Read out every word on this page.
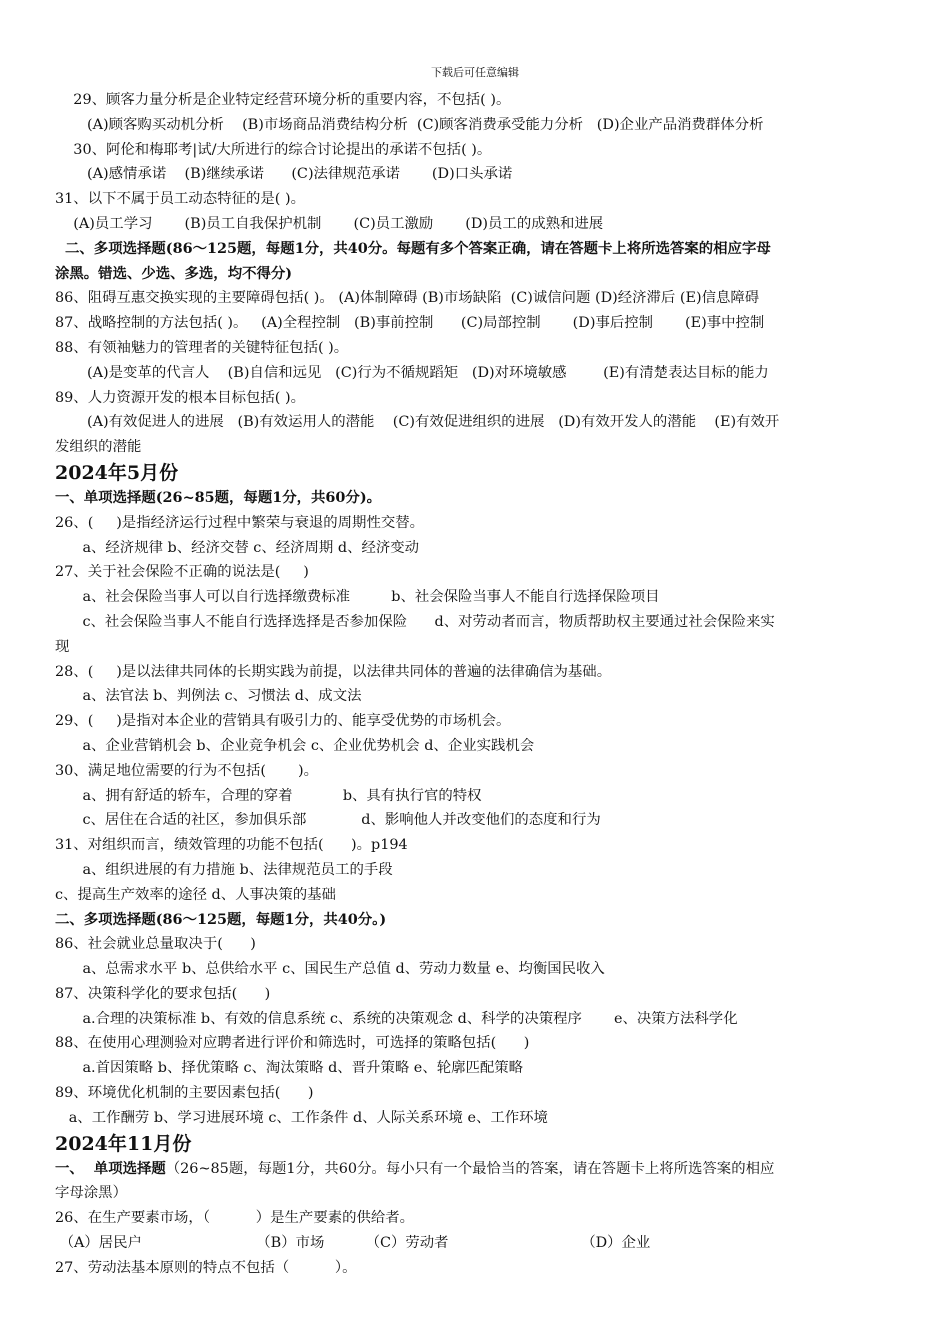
下载后可任意编辑
29、顾客力量分析是企业特定经营环境分析的重要内容，不包括( )。
(A)顾客购买动机分析    (B)市场商品消费结构分析  (C)顾客消费承受能力分析   (D)企业产品消费群体分析
30、阿伦和梅耶考|试/大所进行的综合讨论提出的承诺不包括( )。
(A)感情承诺    (B)继续承诺      (C)法律规范承诺       (D)口头承诺
31、以下不属于员工动态特征的是( )。
(A)员工学习       (B)员工自我保护机制       (C)员工激励       (D)员工的成熟和进展
二、多项选择题(86～125题，每题1分，共40分。每题有多个答案正确，请在答题卡上将所选答案的相应字母
涂黑。错选、少选、多选，均不得分)
86、阻碍互惠交换实现的主要障碍包括( )。 (A)体制障碍 (B)市场缺陷  (C)诚信问题 (D)经济滞后 (E)信息障碍
87、战略控制的方法包括( )。   (A)全程控制   (B)事前控制      (C)局部控制       (D)事后控制       (E)事中控制
88、有领袖魅力的管理者的关键特征包括( )。
(A)是变革的代言人    (B)自信和远见   (C)行为不循规蹈矩   (D)对环境敏感        (E)有清楚表达目标的能力
89、人力资源开发的根本目标包括( )。
(A)有效促进人的进展   (B)有效运用人的潜能    (C)有效促进组织的进展   (D)有效开发人的潜能    (E)有效开
发组织的潜能
2024年5月份
一、单项选择题(26~85题，每题1分，共60分)。
26、(     )是指经济运行过程中繁荣与衰退的周期性交替。
a、经济规律 b、经济交替 c、经济周期 d、经济变动
27、关于社会保险不正确的说法是(     )
a、社会保险当事人可以自行选择缴费标准         b、社会保险当事人不能自行选择保险项目
c、社会保险当事人不能自行选择选择是否参加保险      d、对劳动者而言，物质帮助权主要通过社会保险来实
现
28、(     )是以法律共同体的长期实践为前提，以法律共同体的普遍的法律确信为基础。
a、法官法 b、判例法 c、习惯法 d、成文法
29、(     )是指对本企业的营销具有吸引力的、能享受优势的市场机会。
a、企业营销机会 b、企业竞争机会 c、企业优势机会 d、企业实践机会
30、满足地位需要的行为不包括(       )。
a、拥有舒适的轿车，合理的穿着           b、具有执行官的特权
c、居住在合适的社区，参加俱乐部            d、影响他人并改变他们的态度和行为
31、对组织而言，绩效管理的功能不包括(      )。p194
a、组织进展的有力措施 b、法律规范员工的手段
c、提高生产效率的途径 d、人事决策的基础
二、多项选择题(86～125题，每题1分，共40分。)
86、社会就业总量取决于(      )
a、总需求水平 b、总供给水平 c、国民生产总值 d、劳动力数量 e、均衡国民收入
87、决策科学化的要求包括(      )
a.合理的决策标准 b、有效的信息系统 c、系统的决策观念 d、科学的决策程序       e、决策方法科学化
88、在使用心理测验对应聘者进行评价和筛选时，可选择的策略包括(      )
a.首因策略 b、择优策略 c、淘汰策略 d、晋升策略 e、轮廓匹配策略
89、环境优化机制的主要因素包括(      )
a、工作酬劳 b、学习进展环境 c、工作条件 d、人际关系环境 e、工作环境
2024年11月份
一、  单项选择题（26~85题，每题1分，共60分。每小只有一个最恰当的答案，请在答题卡上将所选答案的相应
字母涂黑）
26、在生产要素市场，（          ）是生产要素的供给者。
（A）居民户                         （B）市场         （C）劳动者                             （D）企业
27、劳动法基本原则的特点不包括（          ）。
